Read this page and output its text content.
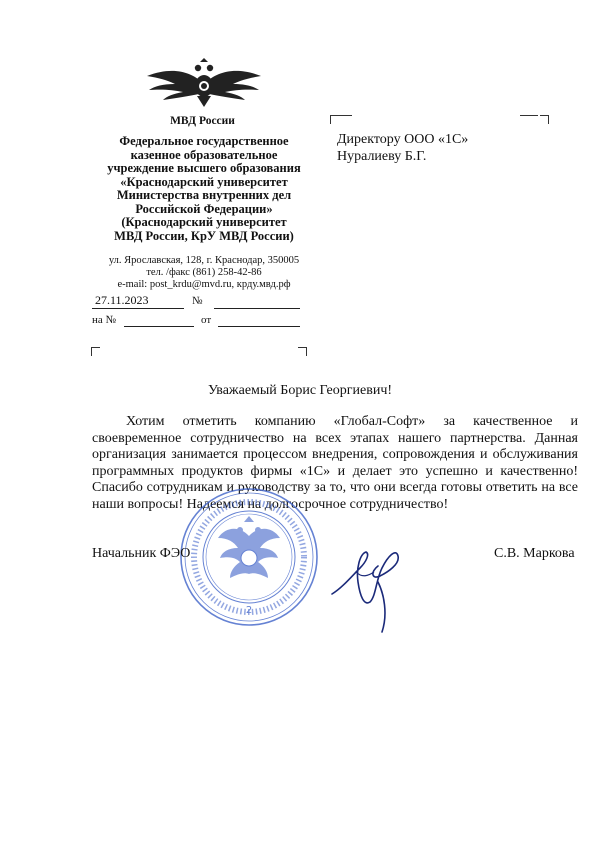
МВД России
Федеральное государственное
казенное образовательное
учреждение высшего образования
«Краснодарский университет
Министерства внутренних дел
Российской Федерации»
(Краснодарский университет
МВД России, КрУ МВД России)
ул. Ярославская, 128, г. Краснодар, 350005
тел. /факс (861) 258-42-86
e-mail: post_krdu@mvd.ru, крду.мвд.рф
27.11.2023	№
на №	от
Директору ООО «1С»
Нуралиеву Б.Г.
Уважаемый Борис Георгиевич!

Хотим отметить компанию «Глобал-Софт» за качественное и своевременное сотрудничество на всех этапах нашего партнерства. Данная организация занимается процессом внедрения, сопровождения и обслуживания программных продуктов фирмы «1С» и делает это успешно и качественно! Спасибо сотрудникам и руководству за то, что они всегда готовы ответить на все наши вопросы! Надеемся на долгосрочное сотрудничество!

2
Начальник ФЭО	С.В. Маркова
